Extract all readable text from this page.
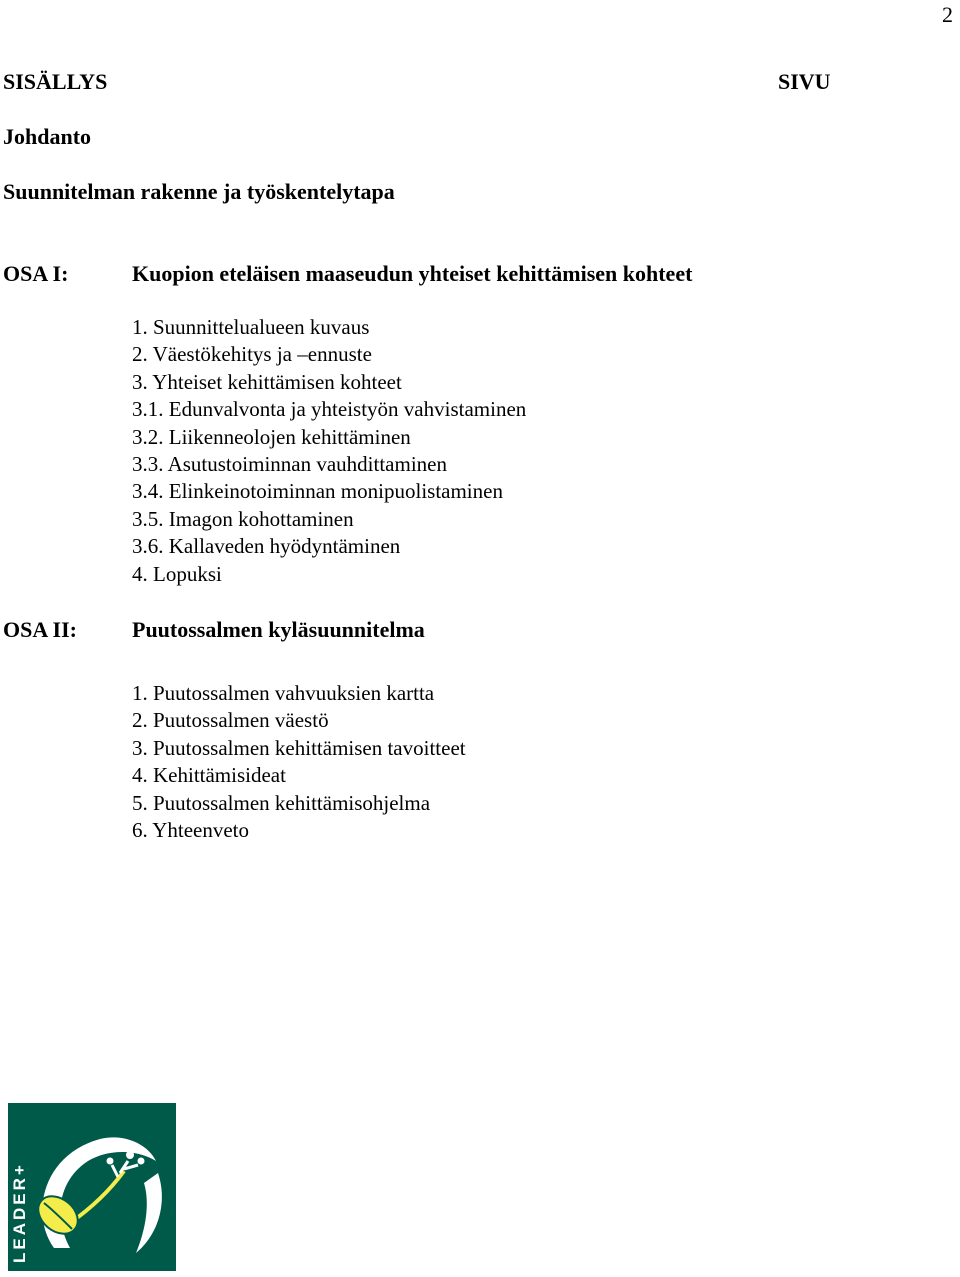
2
SISÄLLYS	SIVU
Johdanto
Suunnitelman rakenne ja työskentelytapa
OSA I:	Kuopion eteläisen maaseudun yhteiset kehittämisen kohteet
1. Suunnittelualueen kuvaus
2. Väestökehitys ja –ennuste
3. Yhteiset kehittämisen kohteet
3.1. Edunvalvonta ja yhteistyön vahvistaminen
3.2. Liikenneolojen kehittäminen
3.3. Asutustoiminnan vauhdittaminen
3.4. Elinkeinotoiminnan monipuolistaminen
3.5. Imagon kohottaminen
3.6. Kallaveden hyödyntäminen
4. Lopuksi
OSA II:	Puutossalmen kyläsuunnitelma
1. Puutossalmen vahvuuksien kartta
2. Puutossalmen väestö
3. Puutossalmen kehittämisen tavoitteet
4. Kehittämisideat
5. Puutossalmen kehittämisohjelma
6. Yhteenveto
LEADER+
